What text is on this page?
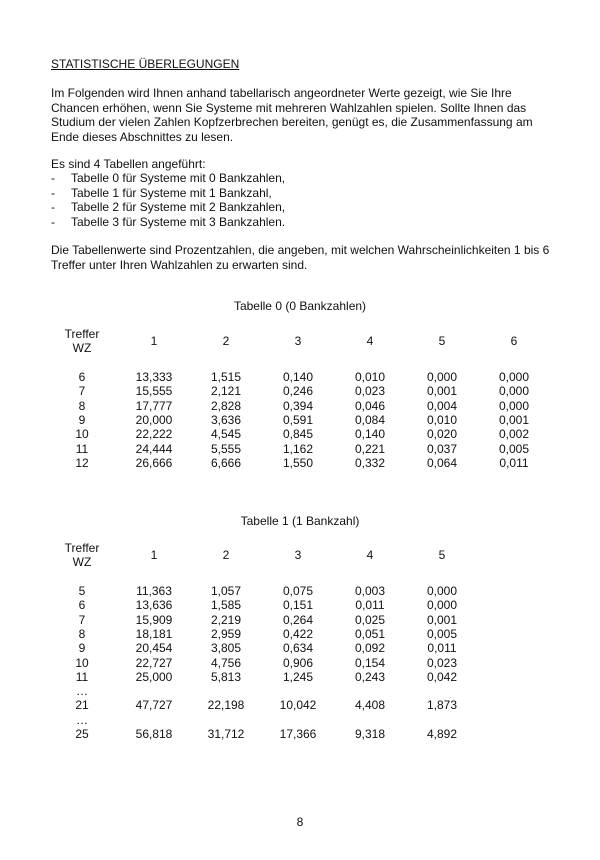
STATISTISCHE ÜBERLEGUNGEN
Im Folgenden wird Ihnen anhand tabellarisch angeordneter Werte gezeigt, wie Sie Ihre Chancen erhöhen, wenn Sie Systeme mit mehreren Wahlzahlen spielen. Sollte Ihnen das Studium der vielen Zahlen Kopfzerbrechen bereiten, genügt es, die Zusammenfassung am Ende dieses Abschnittes zu lesen.
Es sind 4 Tabellen angeführt:
-	Tabelle 0 für Systeme mit 0 Bankzahlen,
-	Tabelle 1 für Systeme mit 1 Bankzahl,
-	Tabelle 2 für Systeme mit 2 Bankzahlen,
-	Tabelle 3 für Systeme mit 3 Bankzahlen.
Die Tabellenwerte sind Prozentzahlen, die angeben, mit welchen Wahrscheinlichkeiten 1 bis 6 Treffer unter Ihren Wahlzahlen zu erwarten sind.
Tabelle 0 (0 Bankzahlen)
Treffer
WZ	1	2	3	4	5	6
6	13,333	1,515	0,140	0,010	0,000	0,000
7	15,555	2,121	0,246	0,023	0,001	0,000
8	17,777	2,828	0,394	0,046	0,004	0,000
9	20,000	3,636	0,591	0,084	0,010	0,001
10	22,222	4,545	0,845	0,140	0,020	0,002
11	24,444	5,555	1,162	0,221	0,037	0,005
12	26,666	6,666	1,550	0,332	0,064	0,011
Tabelle 1 (1 Bankzahl)
Treffer
WZ	1	2	3	4	5
5	11,363	1,057	0,075	0,003	0,000
6	13,636	1,585	0,151	0,011	0,000
7	15,909	2,219	0,264	0,025	0,001
8	18,181	2,959	0,422	0,051	0,005
9	20,454	3,805	0,634	0,092	0,011
10	22,727	4,756	0,906	0,154	0,023
11	25,000	5,813	1,245	0,243	0,042
…
21	47,727	22,198	10,042	4,408	1,873
…
25	56,818	31,712	17,366	9,318	4,892
8
